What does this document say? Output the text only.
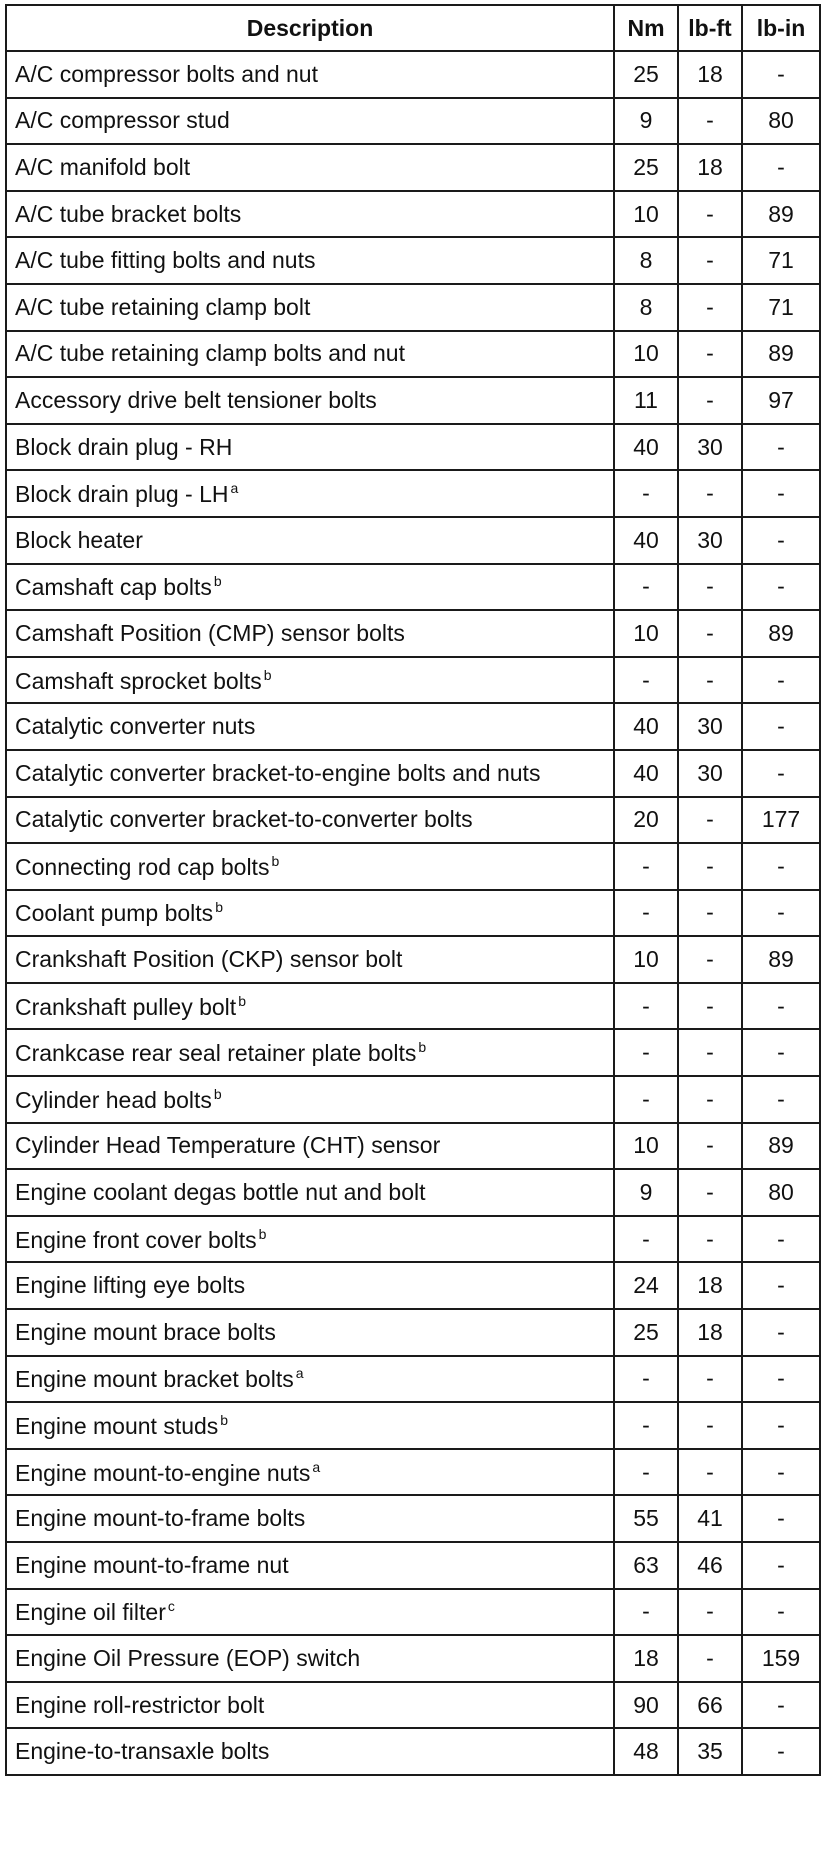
Description	Nm	lb-ft	lb-in
A/C compressor bolts and nut	25	18	-
A/C compressor stud	9	-	80
A/C manifold bolt	25	18	-
A/C tube bracket bolts	10	-	89
A/C tube fitting bolts and nuts	8	-	71
A/C tube retaining clamp bolt	8	-	71
A/C tube retaining clamp bolts and nut	10	-	89
Accessory drive belt tensioner bolts	11	-	97
Block drain plug - RH	40	30	-
Block drain plug - LH $^a$	-	-	-
Block heater	40	30	-
Camshaft cap bolts $^b$	-	-	-
Camshaft Position (CMP) sensor bolts	10	-	89
Camshaft sprocket bolts $^b$	-	-	-
Catalytic converter nuts	40	30	-
Catalytic converter bracket-to-engine bolts and nuts	40	30	-
Catalytic converter bracket-to-converter bolts	20	-	177
Connecting rod cap bolts $^b$	-	-	-
Coolant pump bolts $^b$	-	-	-
Crankshaft Position (CKP) sensor bolt	10	-	89
Crankshaft pulley bolt $^b$	-	-	-
Crankcase rear seal retainer plate bolts $^b$	-	-	-
Cylinder head bolts $^b$	-	-	-
Cylinder Head Temperature (CHT) sensor	10	-	89
Engine coolant degas bottle nut and bolt	9	-	80
Engine front cover bolts $^b$	-	-	-
Engine lifting eye bolts	24	18	-
Engine mount brace bolts	25	18	-
Engine mount bracket bolts $^a$	-	-	-
Engine mount studs $^b$	-	-	-
Engine mount-to-engine nuts $^a$	-	-	-
Engine mount-to-frame bolts	55	41	-
Engine mount-to-frame nut	63	46	-
Engine oil filter $^c$	-	-	-
Engine Oil Pressure (EOP) switch	18	-	159
Engine roll-restrictor bolt	90	66	-
Engine-to-transaxle bolts	48	35	-
